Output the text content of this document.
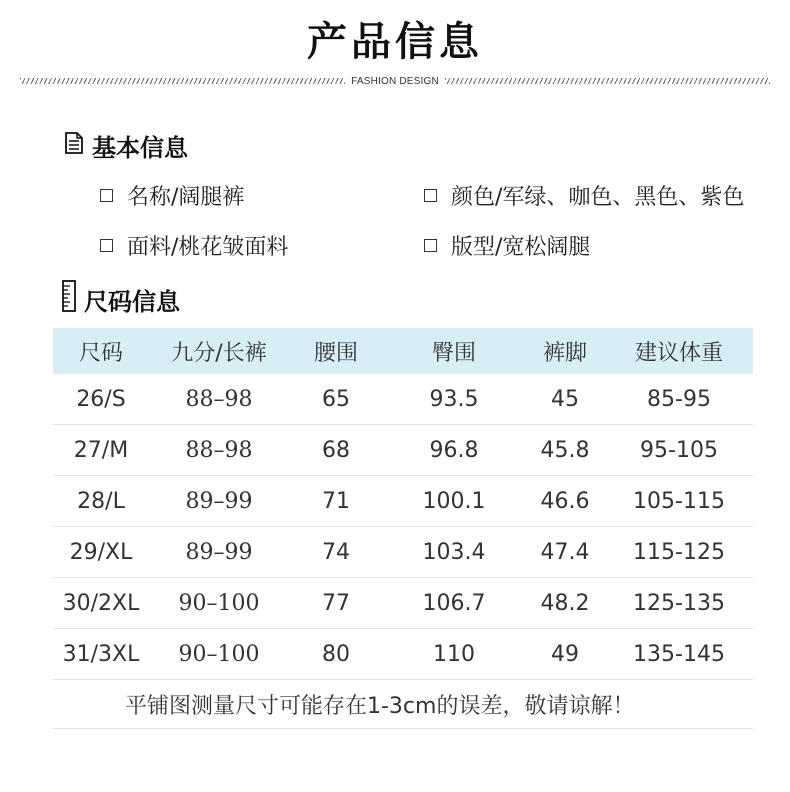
产品信息
FASHION DESIGN
基本信息
名称/阔腿裤	颜色/军绿、咖色、黑色、紫色
面料/桃花皱面料	版型/宽松阔腿
尺码信息
尺码	九分/长裤	腰围	臀围	裤脚	建议体重
26/S	88–98	65	93.5	45	85-95
27/M	88–98	68	96.8	45.8	95-105
28/L	89–99	71	100.1	46.6	105-115
29/XL	89–99	74	103.4	47.4	115-125
30/2XL	90–100	77	106.7	48.2	125-135
31/3XL	90–100	80	110	49	135-145
平铺图测量尺寸可能存在1-3cm的误差，敬请谅解！					
